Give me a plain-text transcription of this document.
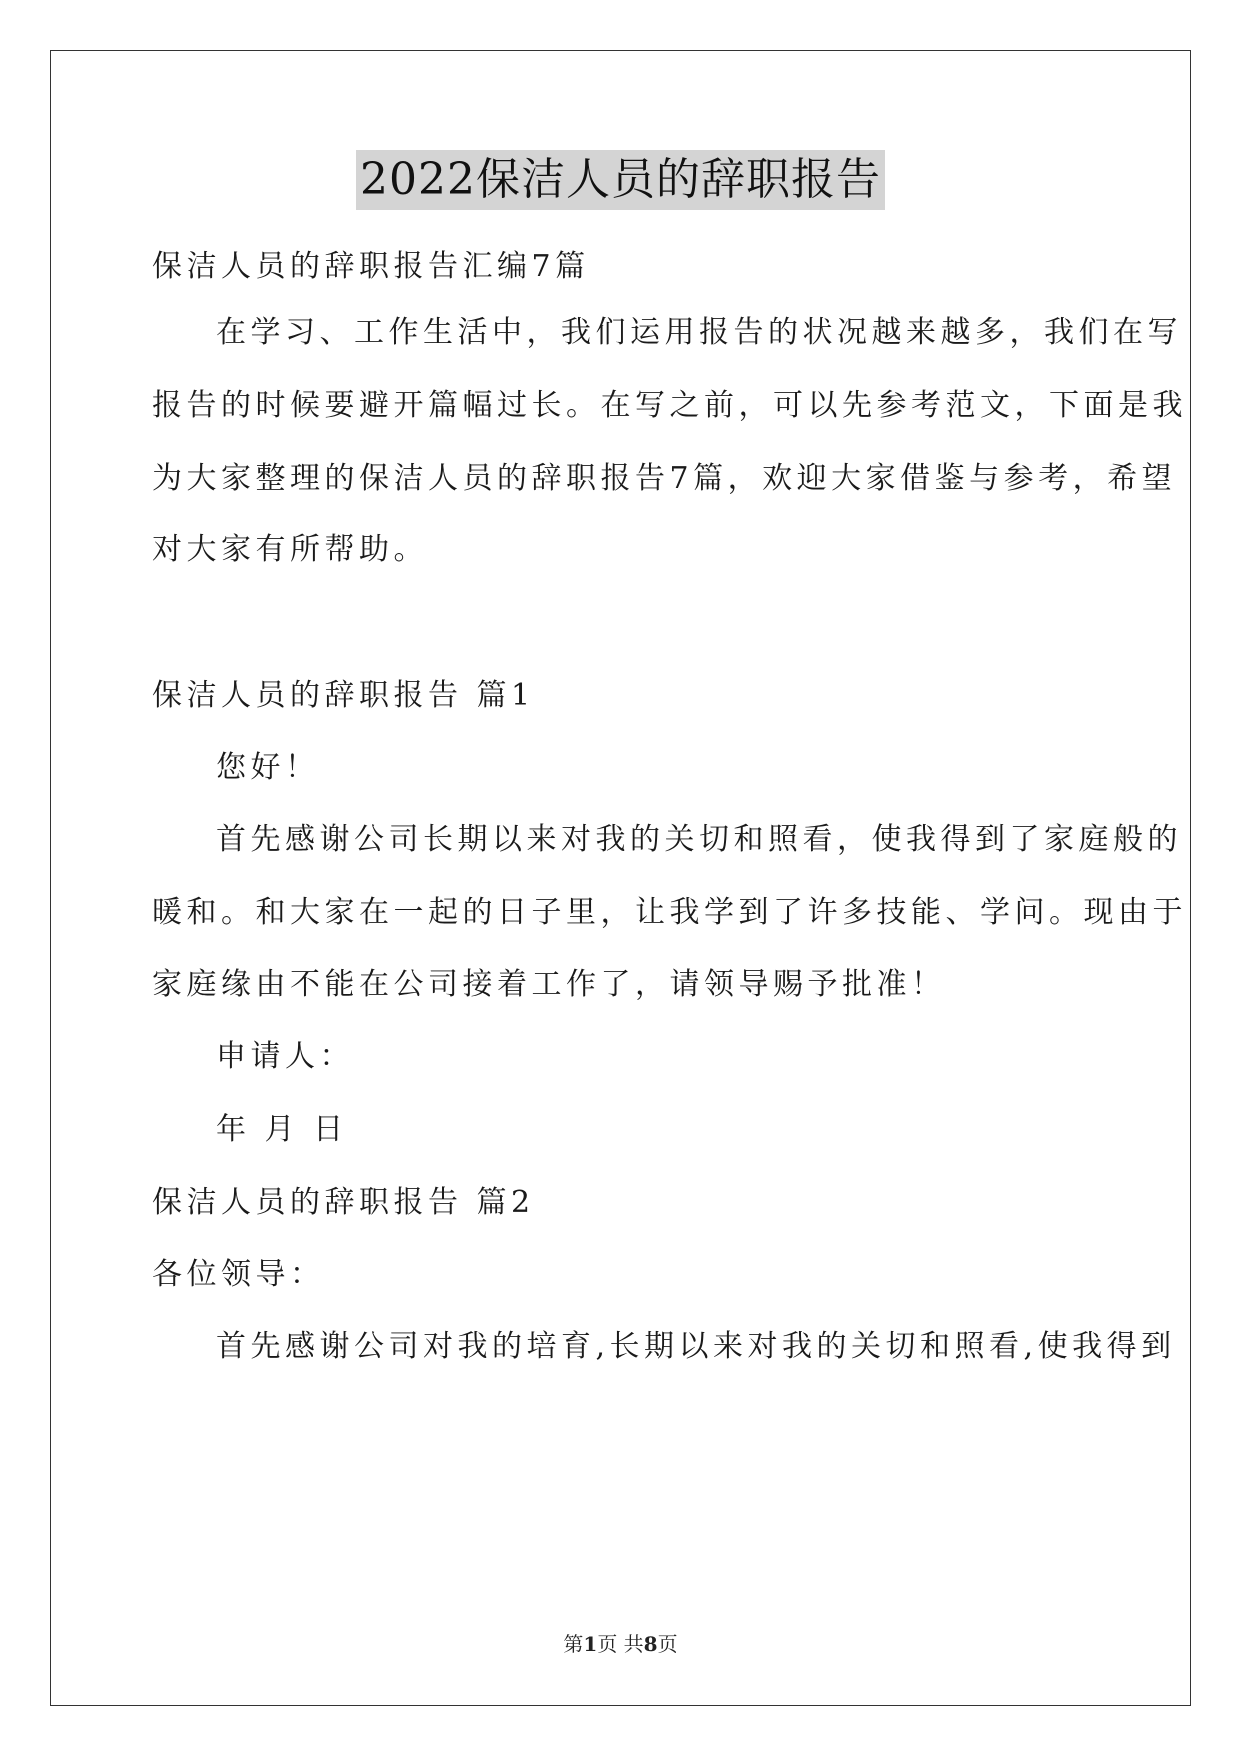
2022保洁人员的辞职报告
保洁人员的辞职报告汇编7篇
在学习、工作生活中，我们运用报告的状况越来越多，我们在写
报告的时候要避开篇幅过长。在写之前，可以先参考范文，下面是我
为大家整理的保洁人员的辞职报告7篇，欢迎大家借鉴与参考，希望
对大家有所帮助。
保洁人员的辞职报告 篇1
您好！
首先感谢公司长期以来对我的关切和照看，使我得到了家庭般的
暖和。和大家在一起的日子里，让我学到了许多技能、学问。现由于
家庭缘由不能在公司接着工作了，请领导赐予批准！
申请人：
年 月 日
保洁人员的辞职报告 篇2
各位领导：
首先感谢公司对我的培育,长期以来对我的关切和照看,使我得到
第1页 共8页
